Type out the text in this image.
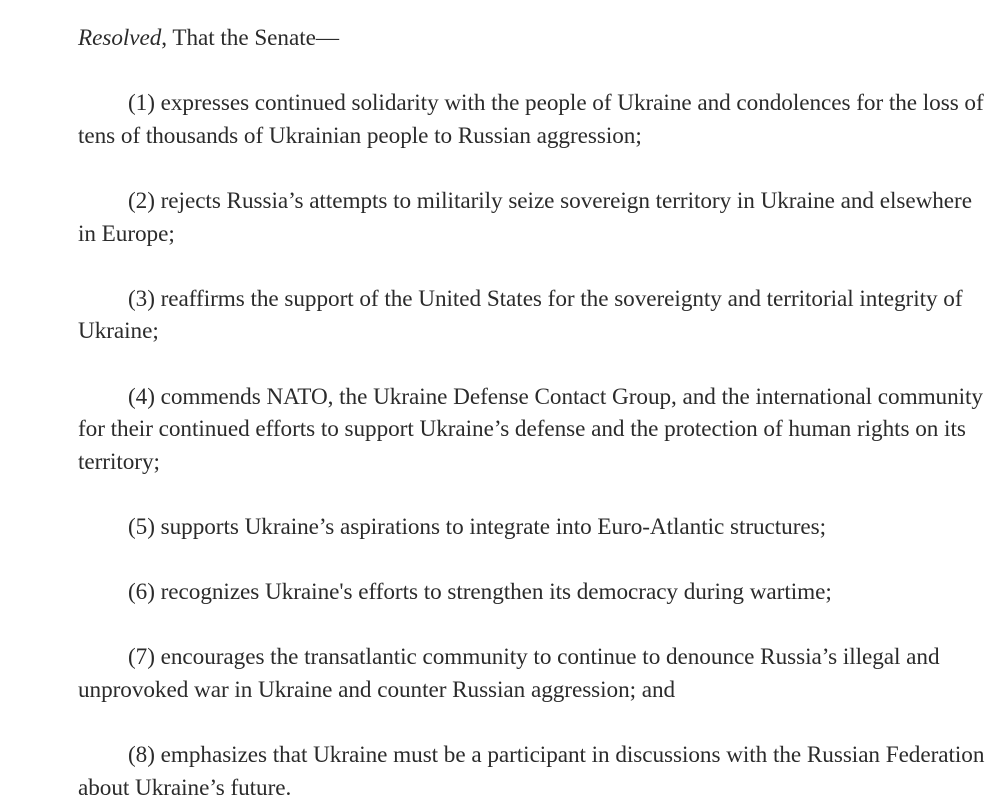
Resolved, That the Senate—

(1) expresses continued solidarity with the people of Ukraine and condolences for the loss of tens of thousands of Ukrainian people to Russian aggression;

(2) rejects Russia’s attempts to militarily seize sovereign territory in Ukraine and elsewhere in Europe;

(3) reaffirms the support of the United States for the sovereignty and territorial integrity of Ukraine;

(4) commends NATO, the Ukraine Defense Contact Group, and the international community for their continued efforts to support Ukraine’s defense and the protection of human rights on its territory;

(5) supports Ukraine’s aspirations to integrate into Euro-Atlantic structures;

(6) recognizes Ukraine's efforts to strengthen its democracy during wartime;

(7) encourages the transatlantic community to continue to denounce Russia’s illegal and unprovoked war in Ukraine and counter Russian aggression; and

(8) emphasizes that Ukraine must be a participant in discussions with the Russian Federation about Ukraine’s future.
